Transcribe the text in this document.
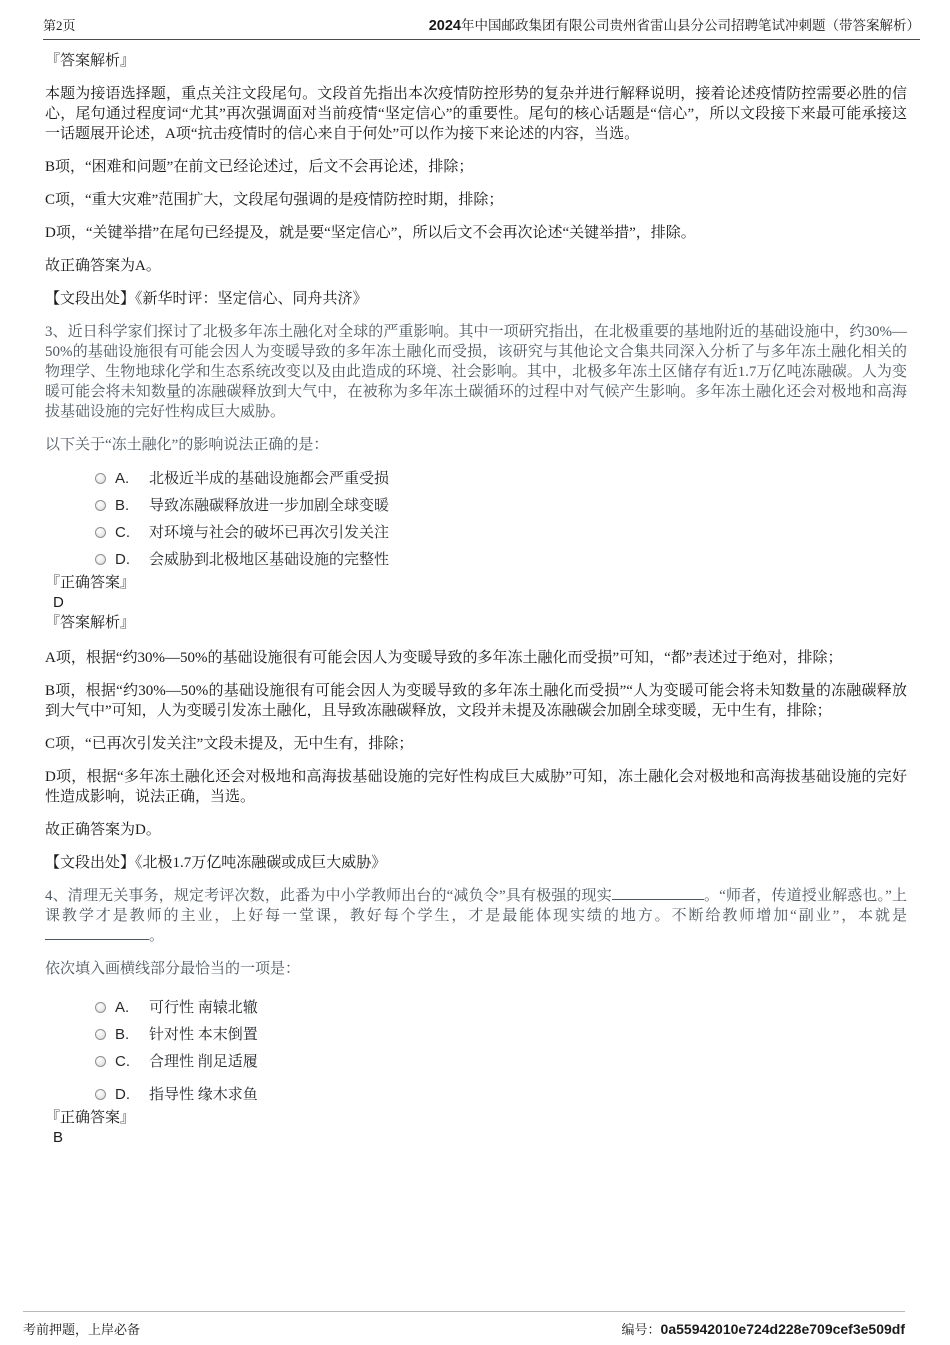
第2页	2024年中国邮政集团有限公司贵州省雷山县分公司招聘笔试冲刺题（带答案解析）

『答案解析』

本题为接语选择题，重点关注文段尾句。文段首先指出本次疫情防控形势的复杂并进行解释说明，接着论述疫情防控需要必胜的信心，尾句通过程度词“尤其”再次强调面对当前疫情“坚定信心”的重要性。尾句的核心话题是“信心”，所以文段接下来最可能承接这一话题展开论述，A项“抗击疫情时的信心来自于何处”可以作为接下来论述的内容，当选。

B项，“困难和问题”在前文已经论述过，后文不会再论述，排除；

C项，“重大灾难”范围扩大，文段尾句强调的是疫情防控时期，排除；

D项，“关键举措”在尾句已经提及，就是要“坚定信心”，所以后文不会再次论述“关键举措”，排除。

故正确答案为A。

【文段出处】《新华时评：坚定信心、同舟共济》

3、近日科学家们探讨了北极多年冻土融化对全球的严重影响。其中一项研究指出，在北极重要的基地附近的基础设施中，约30%—50%的基础设施很有可能会因人为变暖导致的多年冻土融化而受损，该研究与其他论文合集共同深入分析了与多年冻土融化相关的物理学、生物地球化学和生态系统改变以及由此造成的环境、社会影响。其中，北极多年冻土区储存有近1.7万亿吨冻融碳。人为变暖可能会将未知数量的冻融碳释放到大气中，在被称为多年冻土碳循环的过程中对气候产生影响。多年冻土融化还会对极地和高海拔基础设施的完好性构成巨大威胁。

以下关于“冻土融化”的影响说法正确的是：

A.	北极近半成的基础设施都会严重受损
B.	导致冻融碳释放进一步加剧全球变暖
C.	对环境与社会的破坏已再次引发关注
D.	会威胁到北极地区基础设施的完整性

『正确答案』

D

『答案解析』

A项，根据“约30%—50%的基础设施很有可能会因人为变暖导致的多年冻土融化而受损”可知，“都”表述过于绝对，排除；

B项，根据“约30%—50%的基础设施很有可能会因人为变暖导致的多年冻土融化而受损”“人为变暖可能会将未知数量的冻融碳释放到大气中”可知，人为变暖引发冻土融化，且导致冻融碳释放，文段并未提及冻融碳会加剧全球变暖，无中生有，排除；

C项，“已再次引发关注”文段未提及，无中生有，排除；

D项，根据“多年冻土融化还会对极地和高海拔基础设施的完好性构成巨大威胁”可知，冻土融化会对极地和高海拔基础设施的完好性造成影响，说法正确，当选。

故正确答案为D。

【文段出处】《北极1.7万亿吨冻融碳或成巨大威胁》

4、清理无关事务，规定考评次数，此番为中小学教师出台的“减负令”具有极强的现实	。“师者，传道授业解惑也。”上课教学才是教师的主业，上好每一堂课，教好每个学生，才是最能体现实绩的地方。不断给教师增加“副业”，本就是。

依次填入画横线部分最恰当的一项是：

A.	可行性 南辕北辙
B.	针对性 本末倒置
C.	合理性 削足适履
D.	指导性 缘木求鱼

『正确答案』

B

考前押题，上岸必备	编号：0a55942010e724d228e709cef3e509df
